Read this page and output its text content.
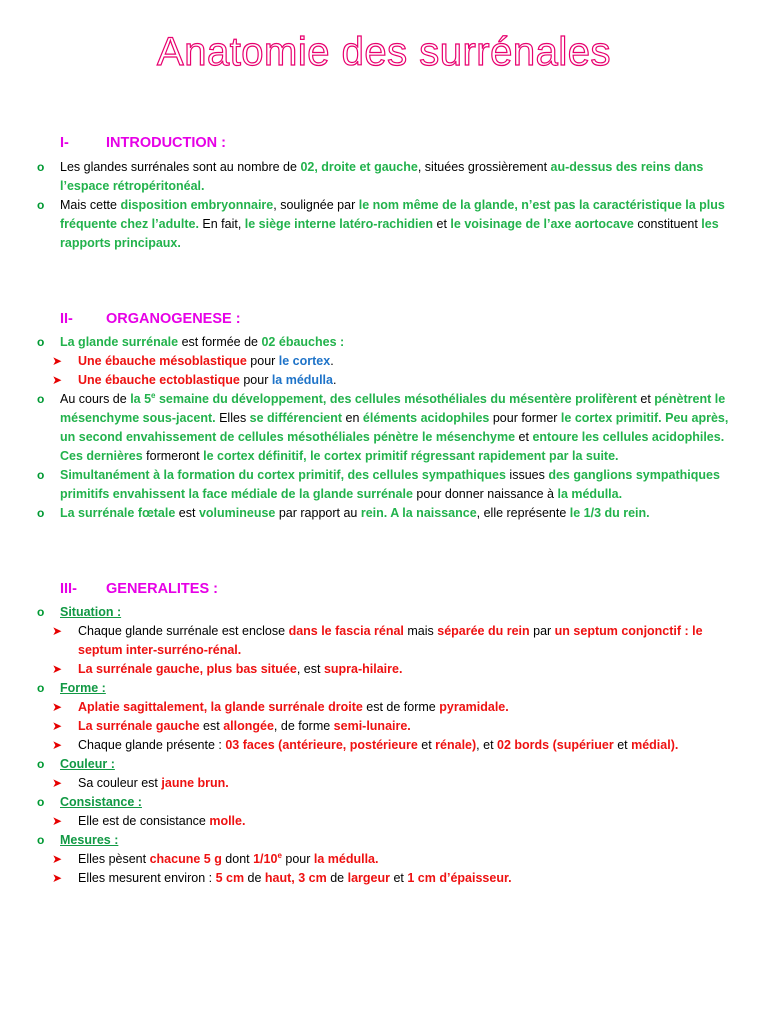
Anatomie des surrénales
I-	INTRODUCTION :
o Les glandes surrénales sont au nombre de 02, droite et gauche, situées grossièrement au-dessus des reins dans
l’espace rétropéritonéal.
o Mais cette disposition embryonnaire, soulignée par le nom même de la glande, n’est pas la caractéristique la plus
fréquente chez l’adulte. En fait, le siège interne latéro-rachidien et le voisinage de l’axe aortocave constituent les
rapports principaux.
II- ORGANOGENESE :
o La glande surrénale est formée de 02 ébauches :
➤ Une ébauche mésoblastique pour le cortex.
➤ Une ébauche ectoblastique pour la médulla.
o Au cours de la 5e semaine du développement, des cellules mésothéliales du mésentère prolifèrent et pénètrent le
mésenchyme sous-jacent. Elles se différencient en éléments acidophiles pour former le cortex primitif. Peu après,
un second envahissement de cellules mésothéliales pénètre le mésenchyme et entoure les cellules acidophiles.
Ces dernières formeront le cortex définitif, le cortex primitif régressant rapidement par la suite.
o Simultanément à la formation du cortex primitif, des cellules sympathiques issues des ganglions sympathiques
primitifs envahissent la face médiale de la glande surrénale pour donner naissance à la médulla.
o La surrénale fœtale est volumineuse par rapport au rein. A la naissance, elle représente le 1/3 du rein.
III- GENERALITES :
o Situation :
➤ Chaque glande surrénale est enclose dans le fascia rénal mais séparée du rein par un septum conjonctif : le
septum inter-surréno-rénal.
➤ La surrénale gauche, plus bas située, est supra-hilaire.
o Forme :
➤ Aplatie sagittalement, la glande surrénale droite est de forme pyramidale.
➤ La surrénale gauche est allongée, de forme semi-lunaire.
➤ Chaque glande présente : 03 faces (antérieure, postérieure et rénale), et 02 bords (supériuer et médial).
o Couleur :
➤ Sa couleur est jaune brun.
o Consistance :
➤ Elle est de consistance molle.
o Mesures :
➤ Elles pèsent chacune 5 g dont 1/10e pour la médulla.
➤ Elles mesurent environ : 5 cm de haut, 3 cm de largeur et 1 cm d’épaisseur.
